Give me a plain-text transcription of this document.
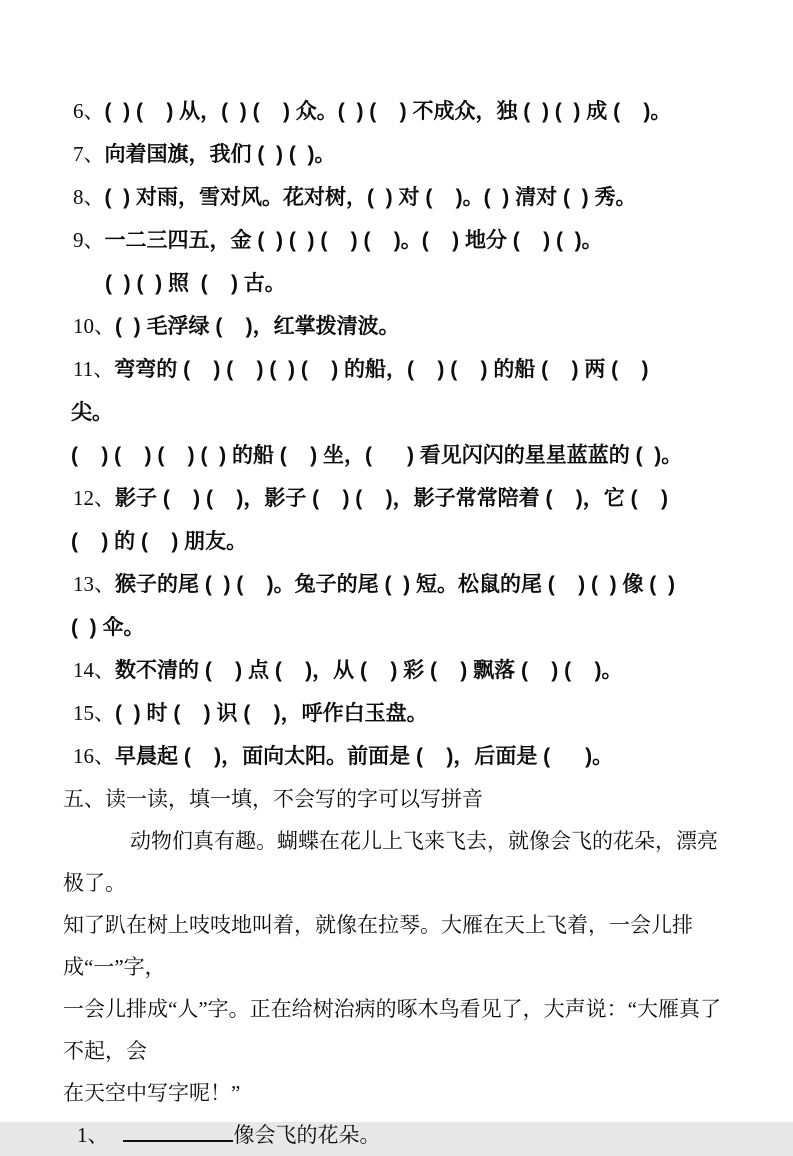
6、(  ) (    ) 从，(  ) (    ) 众。(  ) (    ) 不成众，独 (  ) (  ) 成 (    )。
7、向着国旗，我们 (  ) (  )。
8、(  ) 对雨，雪对风。花对树，(  ) 对 (    )。(  ) 清对 (  ) 秀。
9、一二三四五，金 (  ) (  ) (    ) (    )。(    ) 地分 (    ) (  )。
(  ) (  ) 照  (    ) 古。
10、(  ) 毛浮绿 (    )，红掌拨清波。
11、弯弯的 (    ) (    ) (  ) (    ) 的船，(    ) (    ) 的船 (    ) 两 (    )
尖。
(    ) (    ) (    ) (  ) 的船 (    ) 坐，(      ) 看见闪闪的星星蓝蓝的 (  )。
12、影子 (    ) (    )，影子 (    ) (    )，影子常常陪着 (    )，它 (    )
(    ) 的 (    ) 朋友。
13、猴子的尾 (  ) (    )。兔子的尾 (  ) 短。松鼠的尾 (    ) (  ) 像 (  )
(  ) 伞。
14、数不清的 (    ) 点 (    )，从 (    ) 彩 (    ) 飘落 (    ) (    )。
15、(  ) 时 (    ) 识 (    )，呼作白玉盘。
16、早晨起 (    )，面向太阳。前面是 (    )，后面是 (      )。
五、读一读，填一填，不会写的字可以写拼音
动物们真有趣。蝴蝶在花儿上飞来飞去，就像会飞的花朵，漂亮极了。
知了趴在树上吱吱地叫着，就像在拉琴。大雁在天上飞着，一会儿排成“一”字，
一会儿排成“人”字。正在给树治病的啄木鸟看见了，大声说：“大雁真了不起，会
在天空中写字呢！”
1、	像会飞的花朵。
